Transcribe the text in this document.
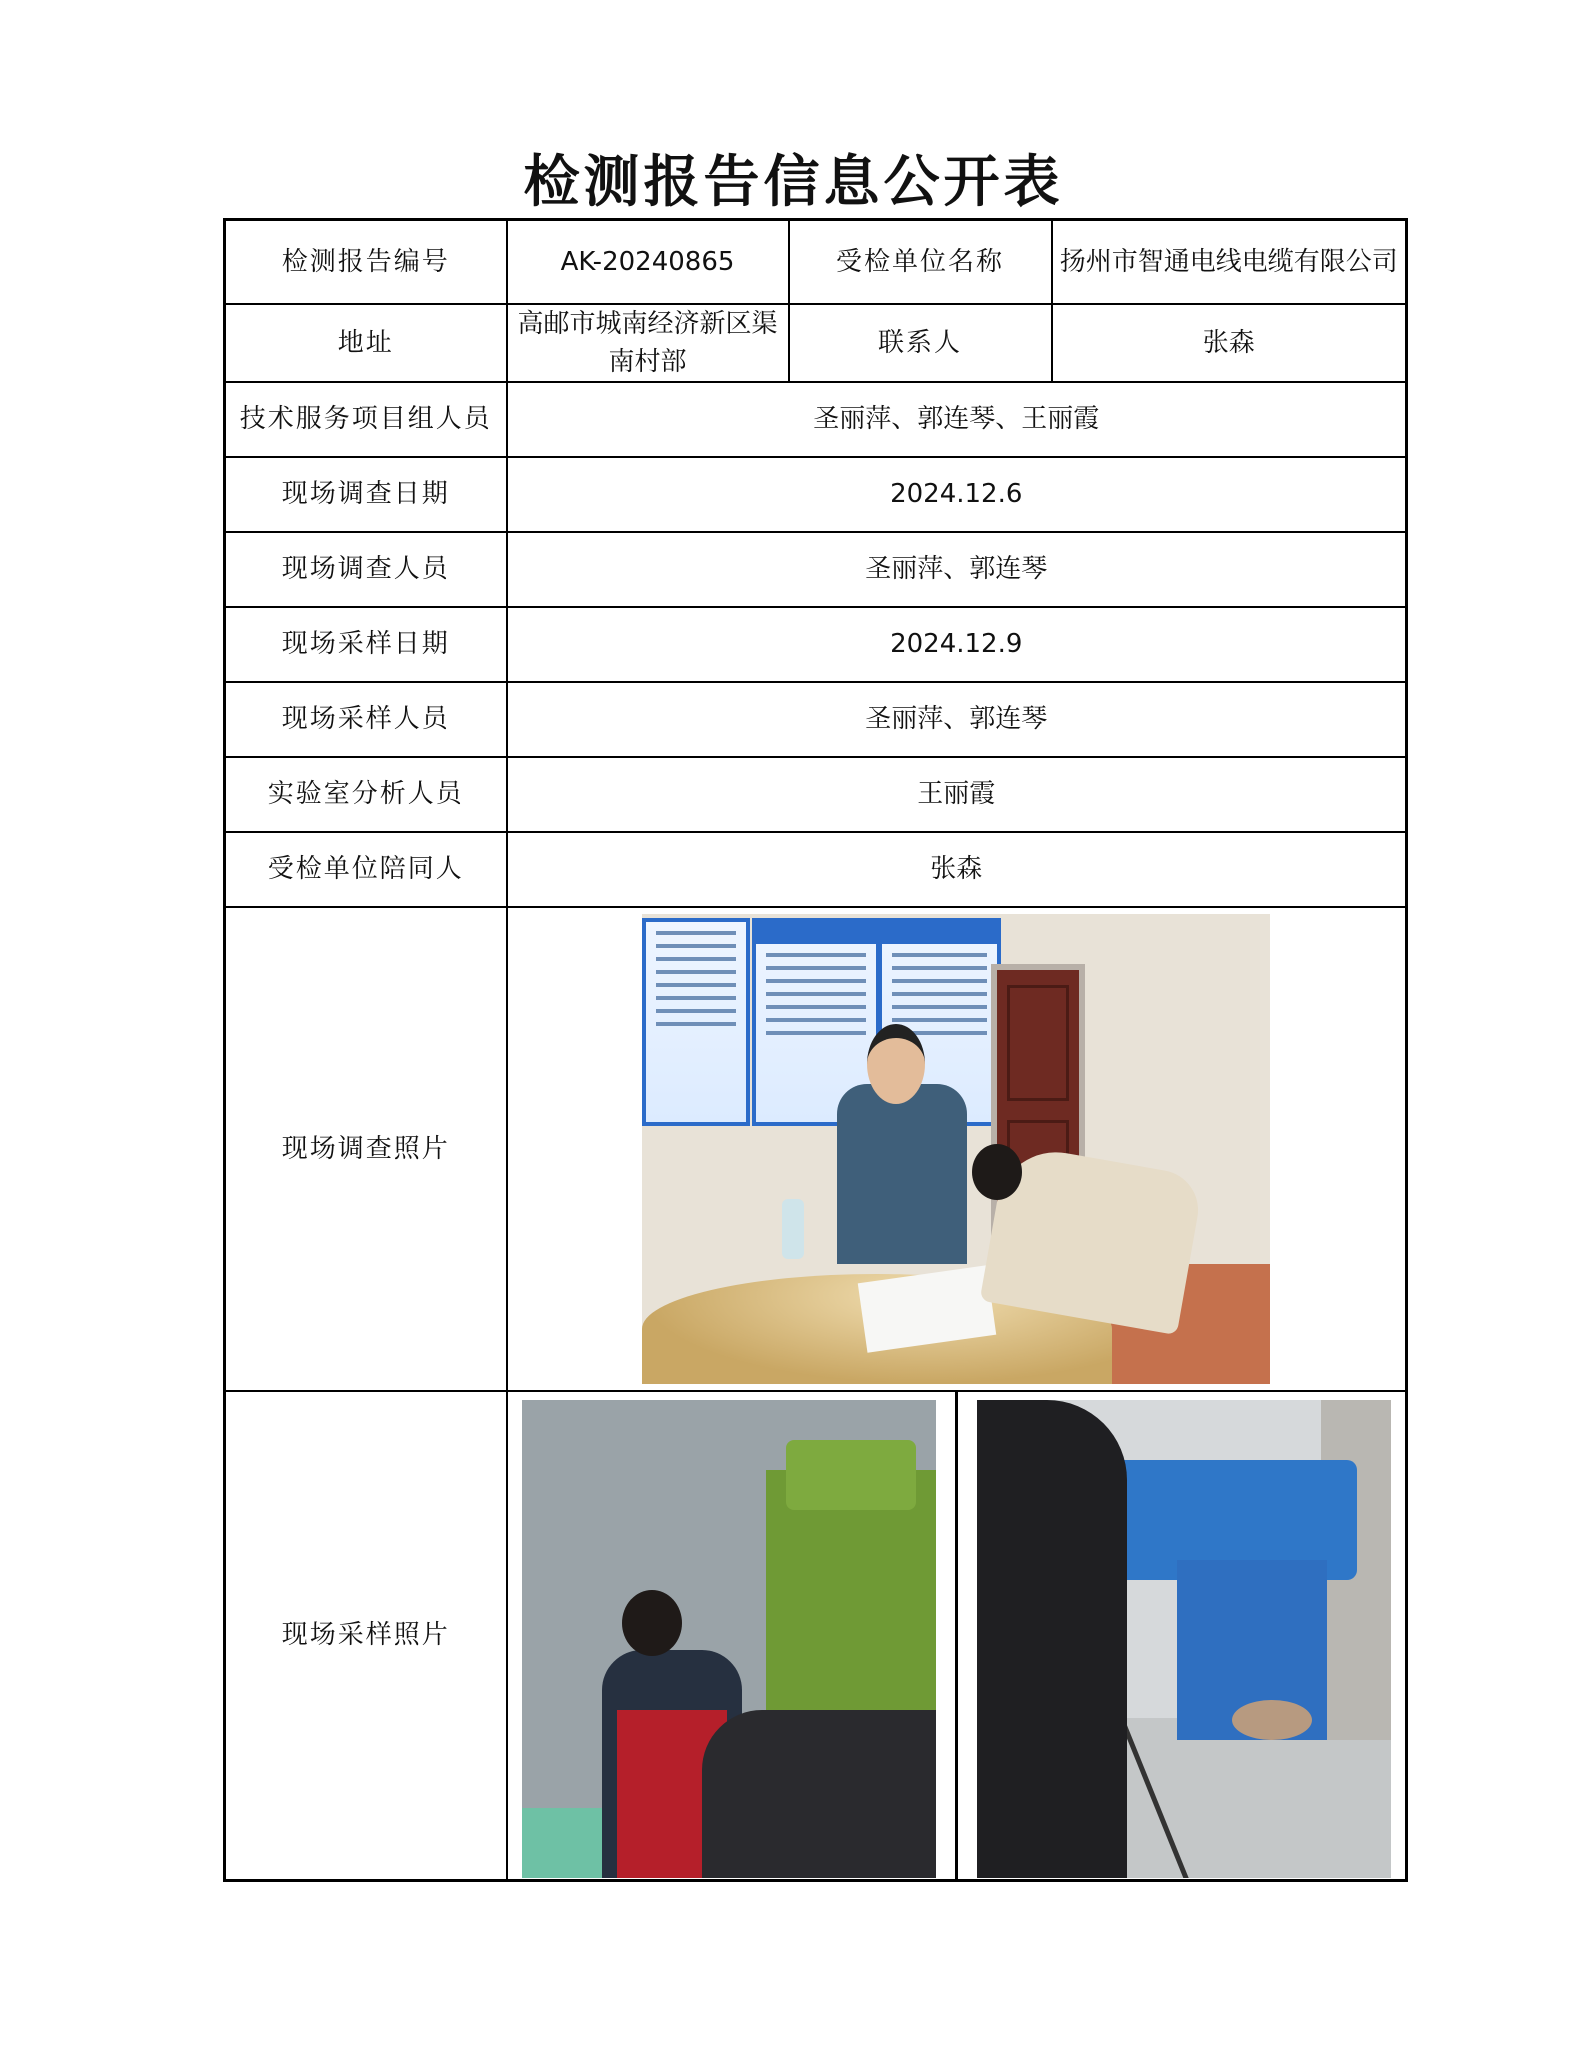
检测报告信息公开表
检测报告编号	AK-20240865	受检单位名称	扬州市智通电线电缆有限公司
地址	高邮市城南经济新区渠南村部	联系人	张森
技术服务项目组人员	圣丽萍、郭连琴、王丽霞		
现场调查日期	2024.12.6		
现场调查人员	圣丽萍、郭连琴		
现场采样日期	2024.12.9		
现场采样人员	圣丽萍、郭连琴		
实验室分析人员	王丽霞		
受检单位陪同人	张森		
现场调查照片			

现场采样照片			
